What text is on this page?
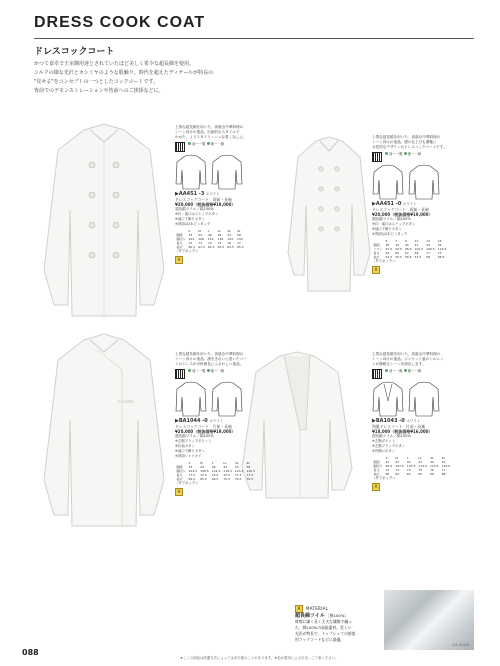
DRESS COOK COAT
ドレスコックコート
かつて食卓で王室御用達とされていたほど美しく希少な超長綿を使用。
シルクの様な光沢とカシミヤのような肌触り。時代を超えたディテールが特長の
"見せる"をコンセプトの一つとしたコックコートです。
皆前でのデモンストレーションや皆前へのご挨拶などに。
上質な超長綿を用いた、高級な中華料理の
シーン向けの逸品。伝統的なスタイルで
わせた、よりスタイリッシュな着こなしに。
前ー一覧 後ー一線
▶AA451 -3 ホワイト
ドレスコックコート　両前・長袖
¥20,000（税抜価格¥19,000）
超長綿ツイル／綿100%
※衿・袖口はスナップボタン
※袖口下飾りボタン
※背面は2本ピンタック
	S	M	L	LL	3L	4L
胸囲	43	44	46	49	53	58
胸回り	104	108	112	118	124	130
着丈	72	73	74	75	76	77
袖丈	60.5	61.5	62.5	63.5	64.5	65.5
（外寸ネック:）
A
上質な超長綿を用いた、高級な中華料理の
シーン向けの逸品。襟の仕上げも優雅に
女性的なデザインのドレスコックコートです。
前ー一覧 後ー一線
▶AA451 -0 ホワイト
ドレスコックコート　両前・長袖
¥20,000（税抜価格¥19,000）
超長綿ツイル／綿100%
※衿・袖口はスナップボタン
※袖口下飾りボタン
※背面は2本ピンタック
	5	7	9	11	13	15
胸囲	38	39	40	41	43	45
バスト	91.5	94.5	98.5	102.5	106.5	110.5
着丈	64	65	67	69	71	73
袖丈	54.5	55.5	56.5	57.5	58	58.5
（外寸ネック:）
A
上質な超長綿を用いた、高級な中華料理の
シーン向けの逸品。襟をきれいに巻いたコー
トのドレスがほ料理長にふさわしい逸品。
前ー一覧 後ー一線
▶BA1044 -0 ホワイト
ドレスコックコート　片前・長袖
¥20,000（税抜価格¥19,000）
超長綿ツイル／綿100%
※左胸フラップポケット
※衿袖ボタン
※袖口下飾りボタン
※背面シャツキイ
	S	M	L	LL	3L	4L
胸囲	43	44	46	49	53	58
胸回り	104.5	108.5	112.5	118.5	124.5	130.5
着丈	77.5	73.5	74.5	75.5	77.5	77.5
袖丈	64.5	65.5	66.5	70.5	70.5	70.5
（外寸ネック:）
A
上質な超長綿を用いた、高級な中華料理の
シーン向けの逸品。ジャケット風のシルエッ
トが優雅なシーンを演出します。
前ー一覧 後ー一線
▶BA1043 -0 ホワイト
和風ドレスコート　片前・長袖
¥18,000（税抜価格¥16,000）
超長綿ツイル／綿100%
※左胸ポケット
※左胸フラップボタン
※内側ロボタン
	S	M	L	LL	3L	4L
胸囲	41	43	45	47	49	52
胸回り	99.5	103.5	107.5	113.5	119.5	125.5
着丈	72	73	74	75	76	77
袖丈	60	62	64	65	66	68
（外寸ネック:）
A
A	MATERIAL
超長綿ツイル ［綿100%］
時間に細く長く丈夫な繊維で織っ
た、綿100%の高級素材。美しい
光沢が特長で、トップシェフの接客
用コックコートなどに最適。
1/4 SCALE
★ここの商品は洗濯方法によっては多少縮むことがあります。★色が着用による日光…ご了承ください。
088
